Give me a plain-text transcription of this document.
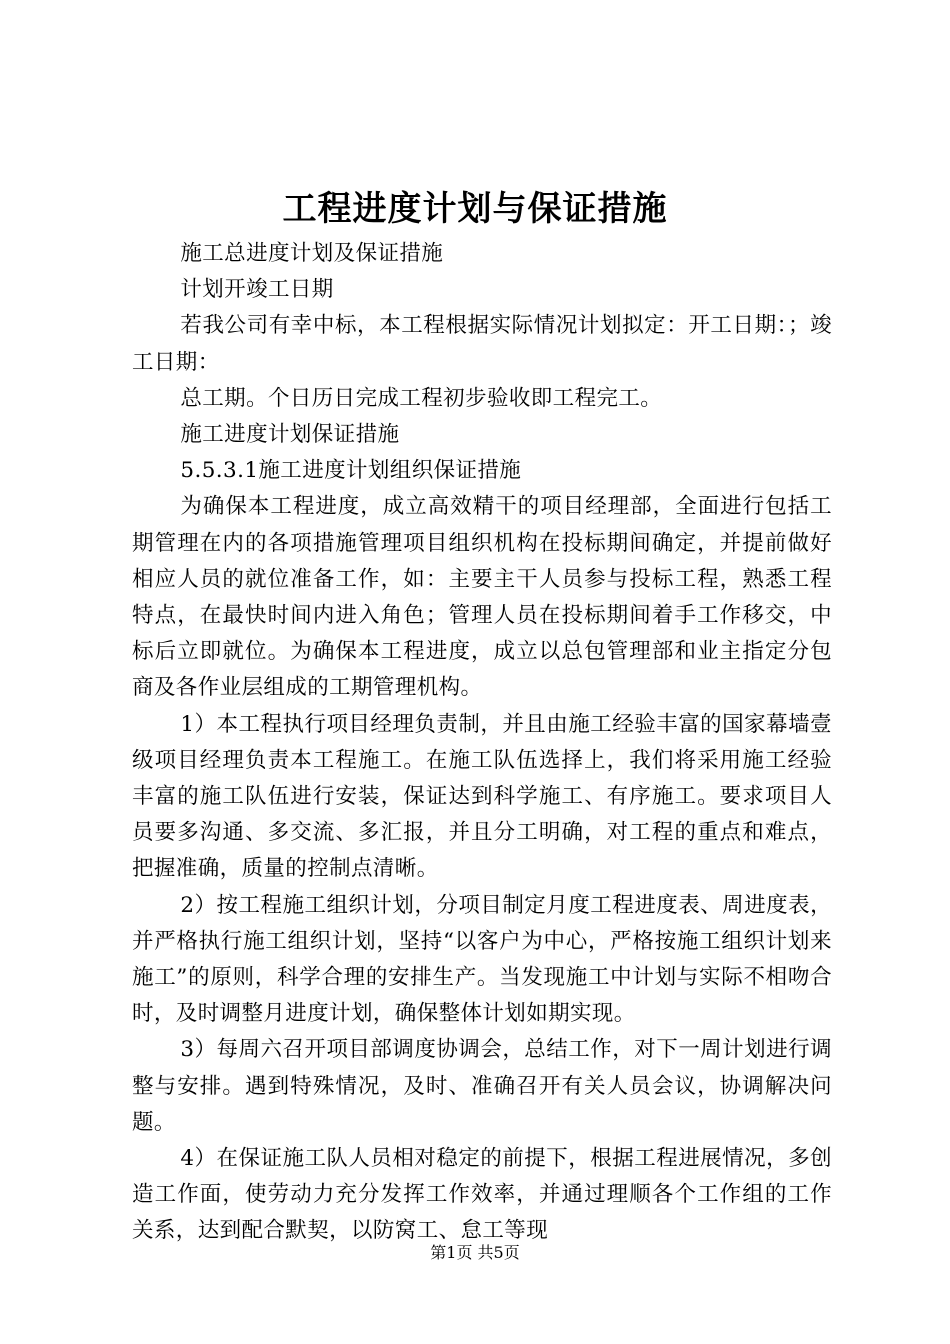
工程进度计划与保证措施

施工总进度计划及保证措施

计划开竣工日期

若我公司有幸中标，本工程根据实际情况计划拟定：开工日期：；竣工日期：

总工期。个日历日完成工程初步验收即工程完工。

施工进度计划保证措施

5.5.3.1施工进度计划组织保证措施

为确保本工程进度，成立高效精干的项目经理部，全面进行包括工期管理在内的各项措施管理项目组织机构在投标期间确定，并提前做好相应人员的就位准备工作，如：主要主干人员参与投标工程，熟悉工程特点，在最快时间内进入角色；管理人员在投标期间着手工作移交，中标后立即就位。为确保本工程进度，成立以总包管理部和业主指定分包商及各作业层组成的工期管理机构。

1）本工程执行项目经理负责制，并且由施工经验丰富的国家幕墙壹级项目经理负责本工程施工。在施工队伍选择上，我们将采用施工经验丰富的施工队伍进行安装，保证达到科学施工、有序施工。要求项目人员要多沟通、多交流、多汇报，并且分工明确，对工程的重点和难点，把握准确，质量的控制点清晰。

2）按工程施工组织计划，分项目制定月度工程进度表、周进度表，并严格执行施工组织计划，坚持“以客户为中心，严格按施工组织计划来施工”的原则，科学合理的安排生产。当发现施工中计划与实际不相吻合时，及时调整月进度计划，确保整体计划如期实现。

3）每周六召开项目部调度协调会，总结工作，对下一周计划进行调整与安排。遇到特殊情况，及时、准确召开有关人员会议，协调解决问题。

4）在保证施工队人员相对稳定的前提下，根据工程进展情况，多创造工作面，使劳动力充分发挥工作效率，并通过理顺各个工作组的工作关系，达到配合默契，以防窝工、怠工等现

第1页 共5页
